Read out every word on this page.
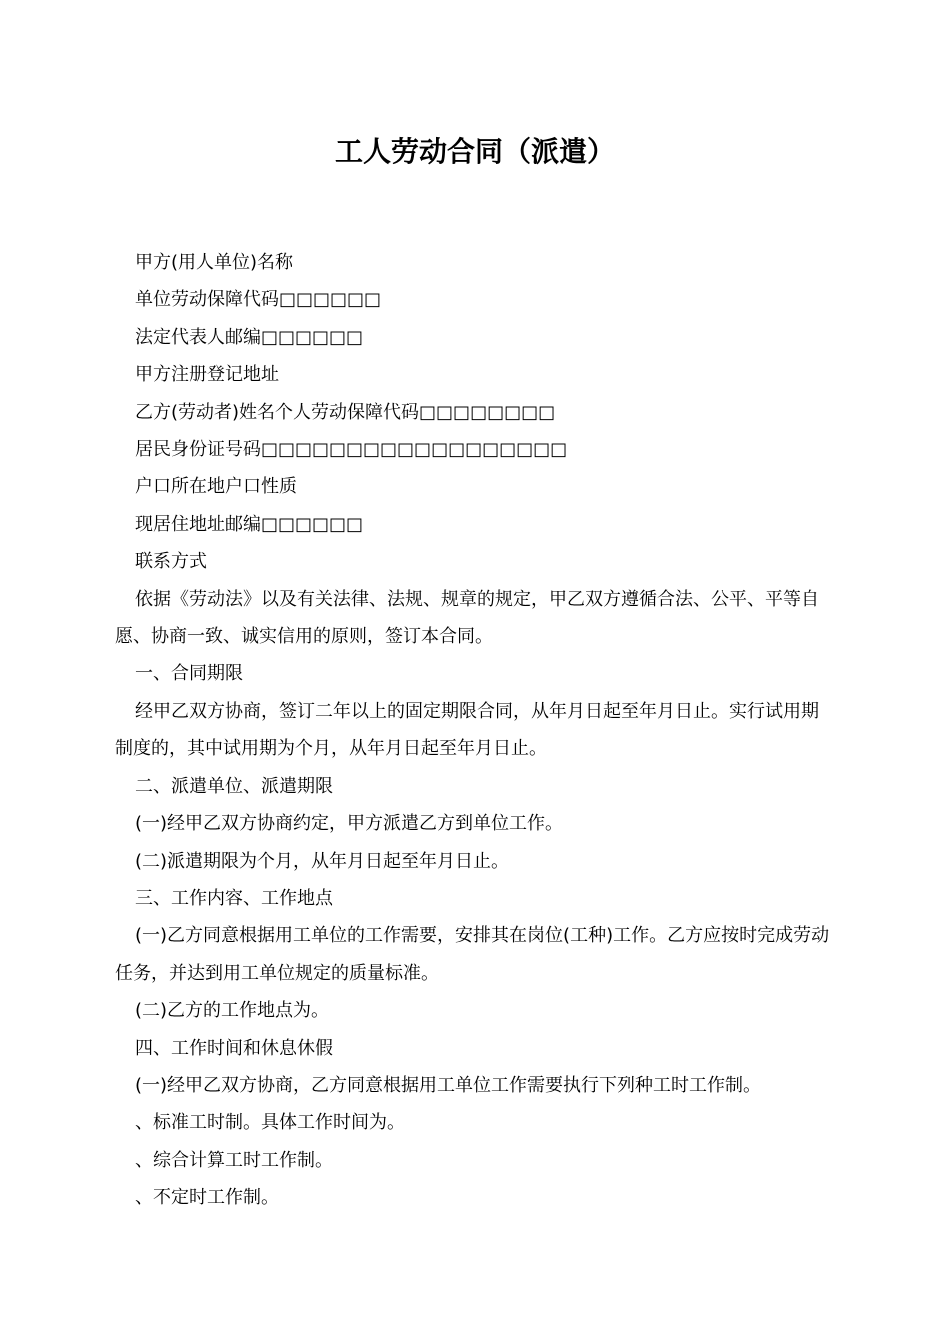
工人劳动合同（派遣）

甲方(用人单位)名称

单位劳动保障代码□□□□□□

法定代表人邮编□□□□□□

甲方注册登记地址

乙方(劳动者)姓名个人劳动保障代码□□□□□□□□

居民身份证号码□□□□□□□□□□□□□□□□□□

户口所在地户口性质

现居住地址邮编□□□□□□

联系方式

依据《劳动法》以及有关法律、法规、规章的规定，甲乙双方遵循合法、公平、平等自愿、协商一致、诚实信用的原则，签订本合同。

一、合同期限

经甲乙双方协商，签订二年以上的固定期限合同，从年月日起至年月日止。实行试用期制度的，其中试用期为个月，从年月日起至年月日止。

二、派遣单位、派遣期限

(一)经甲乙双方协商约定，甲方派遣乙方到单位工作。

(二)派遣期限为个月，从年月日起至年月日止。

三、工作内容、工作地点

(一)乙方同意根据用工单位的工作需要，安排其在岗位(工种)工作。乙方应按时完成劳动任务，并达到用工单位规定的质量标准。

(二)乙方的工作地点为。

四、工作时间和休息休假

(一)经甲乙双方协商，乙方同意根据用工单位工作需要执行下列种工时工作制。

、标准工时制。具体工作时间为。

、综合计算工时工作制。

、不定时工作制。
